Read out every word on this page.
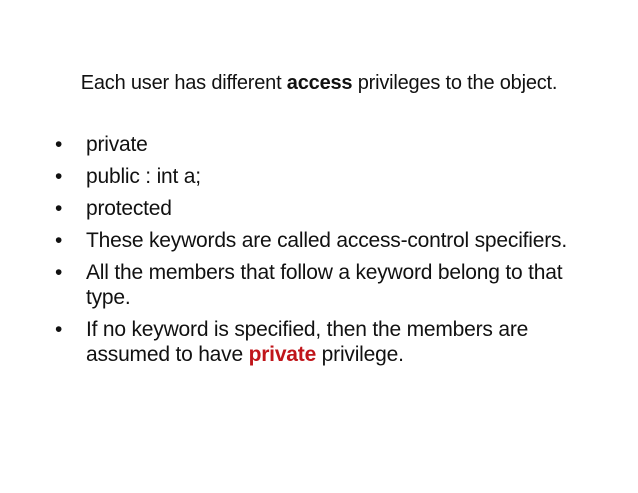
Each user has different access privileges to the object.
• private
• public : int a;
• protected
• These keywords are called access-control specifiers.
• All the members that follow a keyword belong to that type.
• If no keyword is specified, then the members are assumed to have private privilege.
